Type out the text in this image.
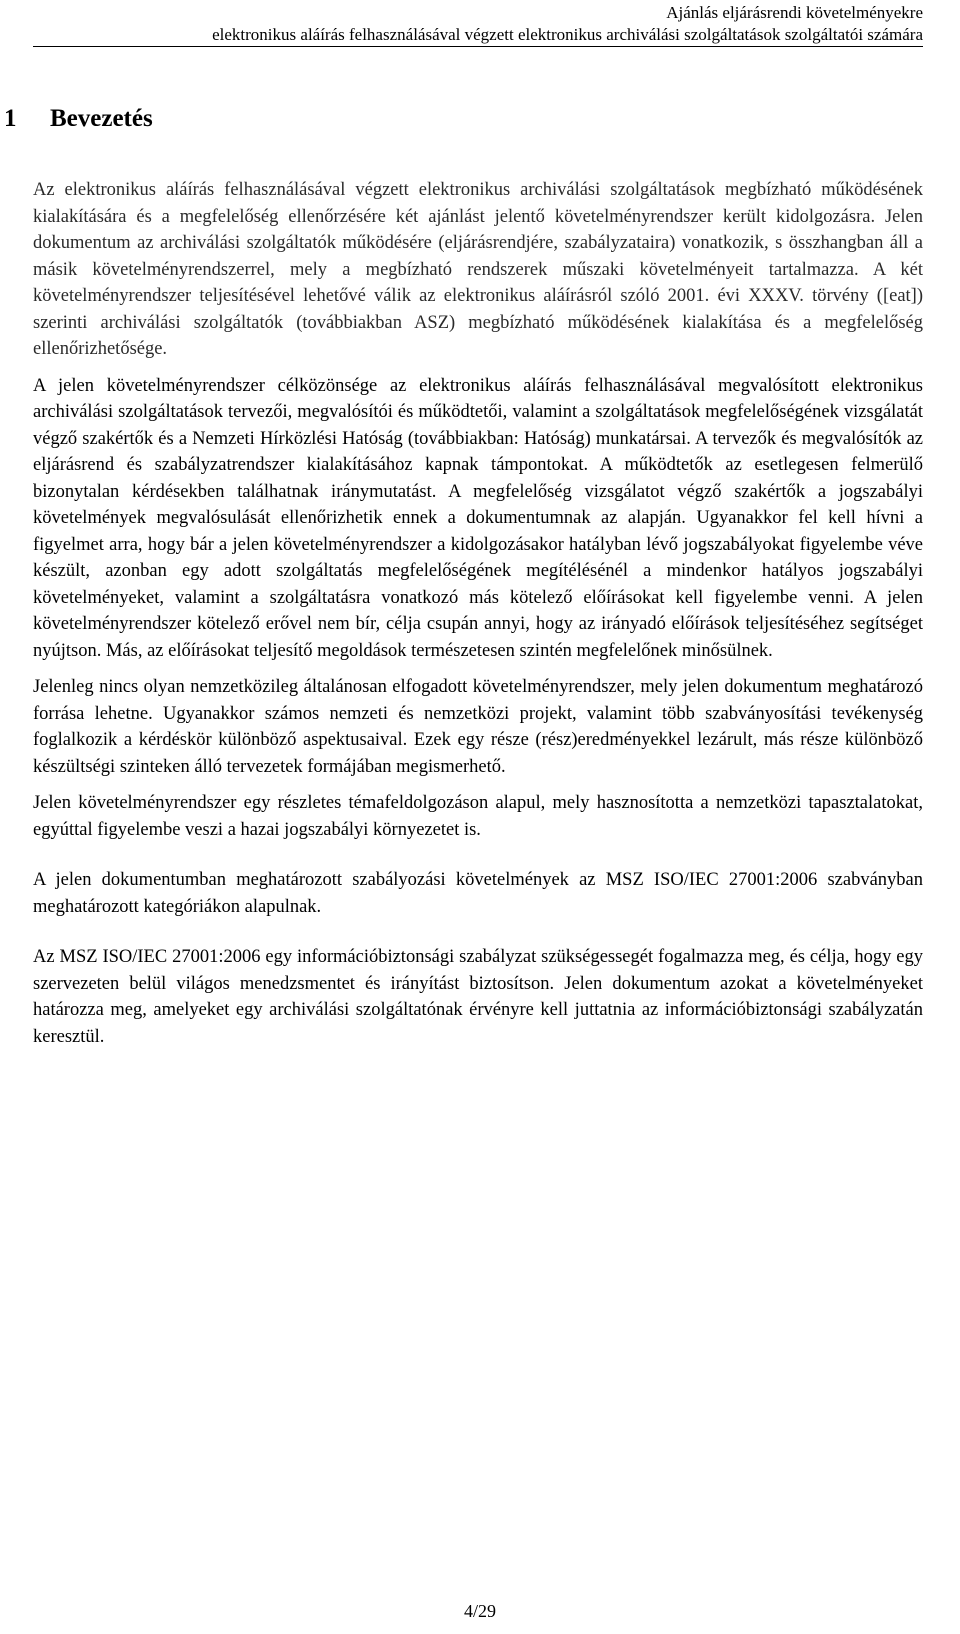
Ajánlás eljárásrendi követelményekre
elektronikus aláírás felhasználásával végzett elektronikus archiválási szolgáltatások szolgáltatói számára
1 Bevezetés

Az elektronikus aláírás felhasználásával végzett elektronikus archiválási szolgáltatások megbízható működésének kialakítására és a megfelelőség ellenőrzésére két ajánlást jelentő követelményrendszer került kidolgozásra. Jelen dokumentum az archiválási szolgáltatók működésére (eljárásrendjére, szabályzataira) vonatkozik, s összhangban áll a másik követelményrendszerrel, mely a megbízható rendszerek műszaki követelményeit tartalmazza. A két követelményrendszer teljesítésével lehetővé válik az elektronikus aláírásról szóló 2001. évi XXXV. törvény ([eat]) szerinti archiválási szolgáltatók (továbbiakban ASZ) megbízható működésének kialakítása és a megfelelőség ellenőrizhetősége.

A jelen követelményrendszer célközönsége az elektronikus aláírás felhasználásával megvalósított elektronikus archiválási szolgáltatások tervezői, megvalósítói és működtetői, valamint a szolgáltatások megfelelőségének vizsgálatát végző szakértők és a Nemzeti Hírközlési Hatóság (továbbiakban: Hatóság) munkatársai. A tervezők és megvalósítók az eljárásrend és szabályzatrendszer kialakításához kapnak támpontokat. A működtetők az esetlegesen felmerülő bizonytalan kérdésekben találhatnak iránymutatást. A megfelelőség vizsgálatot végző szakértők a jogszabályi követelmények megvalósulását ellenőrizhetik ennek a dokumentumnak az alapján. Ugyanakkor fel kell hívni a figyelmet arra, hogy bár a jelen követelményrendszer a kidolgozásakor hatályban lévő jogszabályokat figyelembe véve készült, azonban egy adott szolgáltatás megfelelőségének megítélésénél a mindenkor hatályos jogszabályi követelményeket, valamint a szolgáltatásra vonatkozó más kötelező előírásokat kell figyelembe venni. A jelen követelményrendszer kötelező erővel nem bír, célja csupán annyi, hogy az irányadó előírások teljesítéséhez segítséget nyújtson. Más, az előírásokat teljesítő megoldások természetesen szintén megfelelőnek minősülnek.

Jelenleg nincs olyan nemzetközileg általánosan elfogadott követelményrendszer, mely jelen dokumentum meghatározó forrása lehetne. Ugyanakkor számos nemzeti és nemzetközi projekt, valamint több szabványosítási tevékenység foglalkozik a kérdéskör különböző aspektusaival. Ezek egy része (rész)eredményekkel lezárult, más része különböző készültségi szinteken álló tervezetek formájában megismerhető.

Jelen követelményrendszer egy részletes témafeldolgozáson alapul, mely hasznosította a nemzetközi tapasztalatokat, egyúttal figyelembe veszi a hazai jogszabályi környezetet is.

A jelen dokumentumban meghatározott szabályozási követelmények az MSZ ISO/IEC 27001:2006 szabványban meghatározott kategóriákon alapulnak.

Az MSZ ISO/IEC 27001:2006 egy információbiztonsági szabályzat szükségessegét fogalmazza meg, és célja, hogy egy szervezeten belül világos menedzsmentet és irányítást biztosítson. Jelen dokumentum azokat a követelményeket határozza meg, amelyeket egy archiválási szolgáltatónak érvényre kell juttatnia az információbiztonsági szabályzatán keresztül.

4/29
